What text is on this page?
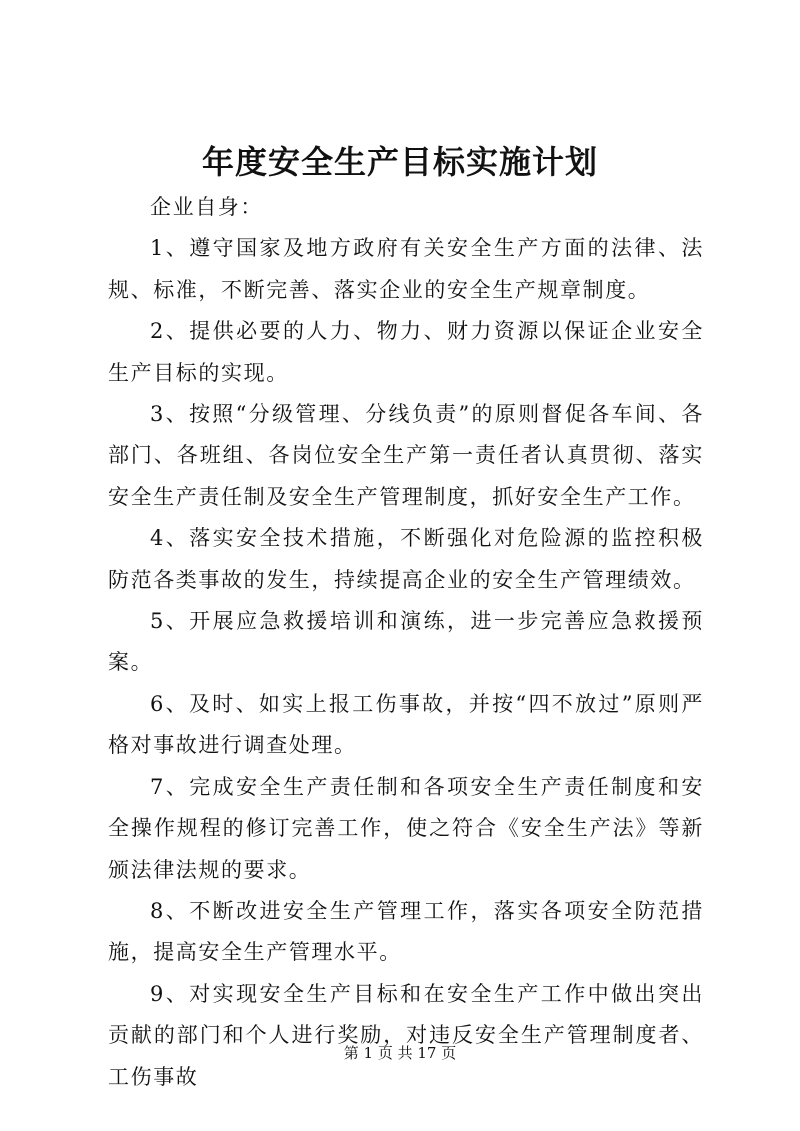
年度安全生产目标实施计划

企业自身：

1、遵守国家及地方政府有关安全生产方面的法律、法规、标准，不断完善、落实企业的安全生产规章制度。

2、提供必要的人力、物力、财力资源以保证企业安全生产目标的实现。

3、按照“分级管理、分线负责”的原则督促各车间、各部门、各班组、各岗位安全生产第一责任者认真贯彻、落实安全生产责任制及安全生产管理制度，抓好安全生产工作。

4、落实安全技术措施，不断强化对危险源的监控积极防范各类事故的发生，持续提高企业的安全生产管理绩效。

5、开展应急救援培训和演练，进一步完善应急救援预案。

6、及时、如实上报工伤事故，并按“四不放过”原则严格对事故进行调查处理。

7、完成安全生产责任制和各项安全生产责任制度和安全操作规程的修订完善工作，使之符合《安全生产法》等新颁法律法规的要求。

8、不断改进安全生产管理工作，落实各项安全防范措施，提高安全生产管理水平。

9、对实现安全生产目标和在安全生产工作中做出突出贡献的部门和个人进行奖励，对违反安全生产管理制度者、工伤事故

第 1 页 共 17 页
